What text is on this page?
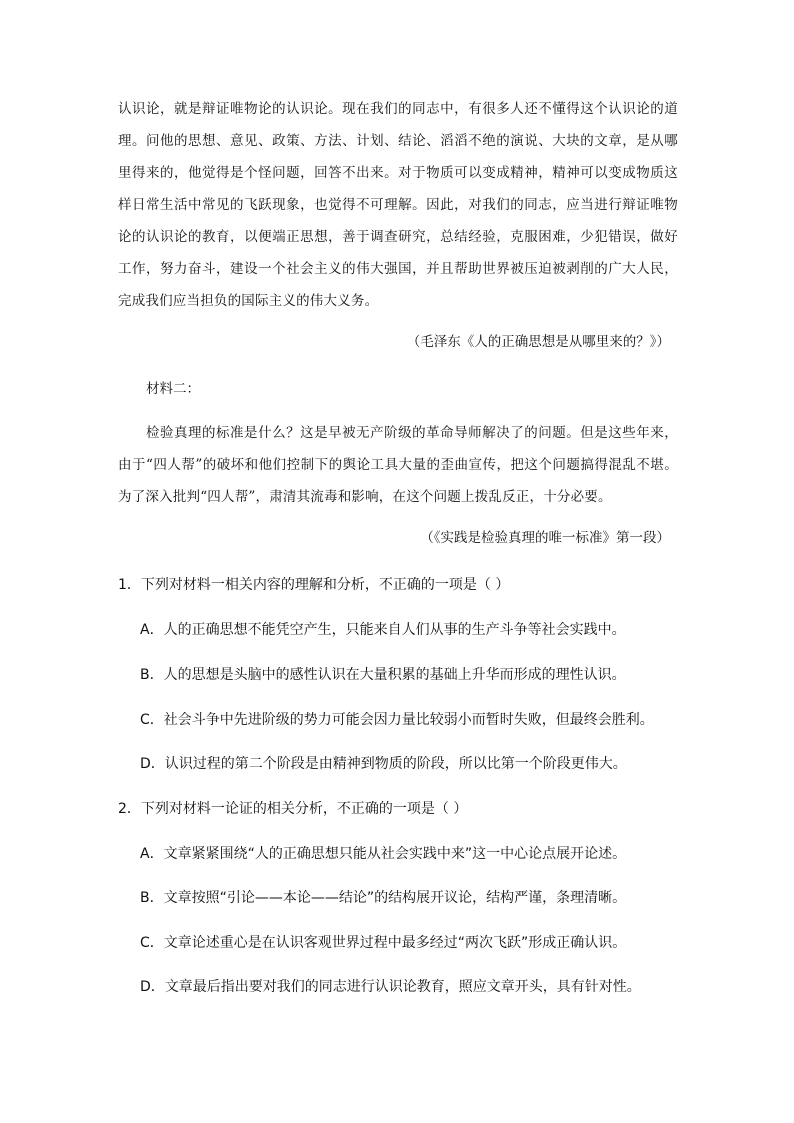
认识论，就是辩证唯物论的认识论。现在我们的同志中，有很多人还不懂得这个认识论的道理。问他的思想、意见、政策、方法、计划、结论、滔滔不绝的演说、大块的文章，是从哪里得来的，他觉得是个怪问题，回答不出来。对于物质可以变成精神，精神可以变成物质这样日常生活中常见的飞跃现象，也觉得不可理解。因此，对我们的同志，应当进行辩证唯物论的认识论的教育，以便端正思想，善于调查研究，总结经验，克服困难，少犯错误，做好工作，努力奋斗，建设一个社会主义的伟大强国，并且帮助世界被压迫被剥削的广大人民，完成我们应当担负的国际主义的伟大义务。

（毛泽东《人的正确思想是从哪里来的？》）

材料二：

检验真理的标准是什么？这是早被无产阶级的革命导师解决了的问题。但是这些年来，由于“四人帮”的破坏和他们控制下的舆论工具大量的歪曲宣传，把这个问题搞得混乱不堪。为了深入批判“四人帮”，肃清其流毒和影响，在这个问题上拨乱反正，十分必要。

（《实践是检验真理的唯一标准》第一段）

1．下列对材料一相关内容的理解和分析，不正确的一项是（ ）

A．人的正确思想不能凭空产生，只能来自人们从事的生产斗争等社会实践中。

B．人的思想是头脑中的感性认识在大量积累的基础上升华而形成的理性认识。

C．社会斗争中先进阶级的势力可能会因力量比较弱小而暂时失败，但最终会胜利。

D．认识过程的第二个阶段是由精神到物质的阶段，所以比第一个阶段更伟大。

2．下列对材料一论证的相关分析，不正确的一项是（ ）

A．文章紧紧围绕“人的正确思想只能从社会实践中来”这一中心论点展开论述。

B．文章按照“引论——本论——结论”的结构展开议论，结构严谨，条理清晰。

C．文章论述重心是在认识客观世界过程中最多经过“两次飞跃”形成正确认识。

D．文章最后指出要对我们的同志进行认识论教育，照应文章开头，具有针对性。
